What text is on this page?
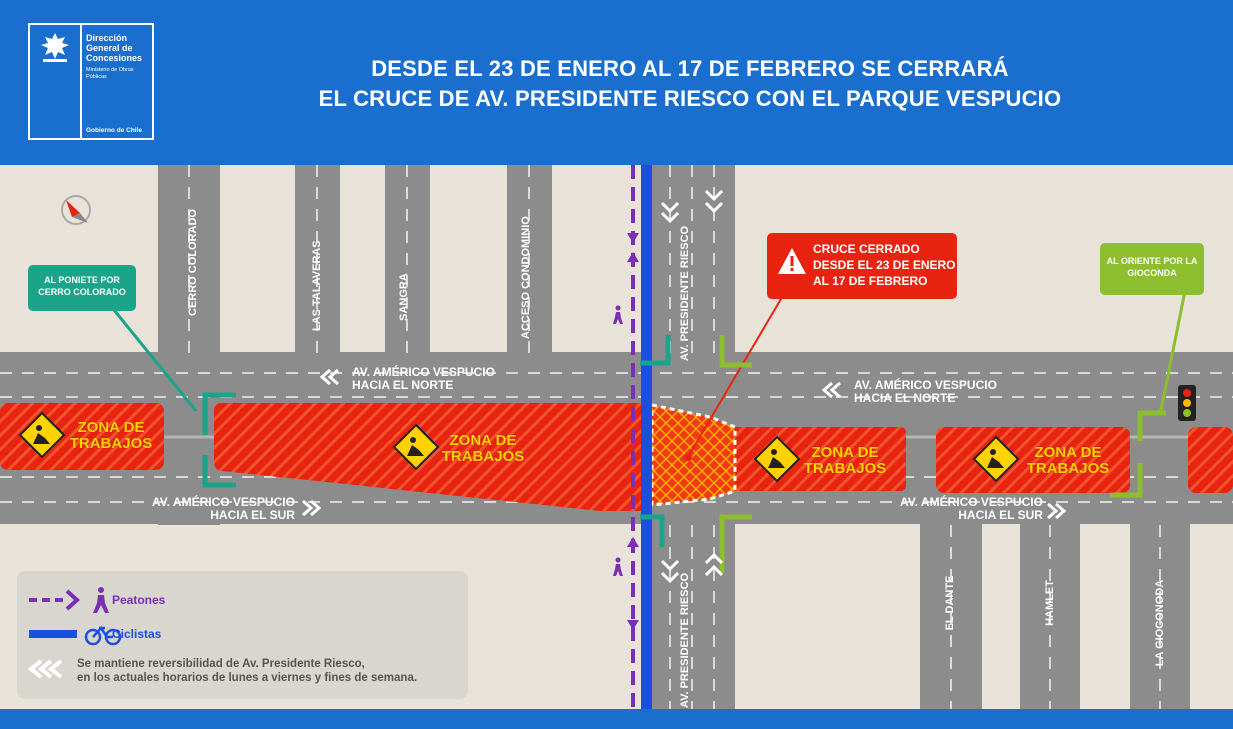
Dirección General de Concesiones
Ministerio de Obras Públicas
Gobierno de Chile
DESDE EL 23 DE ENERO AL 17 DE FEBRERO SE CERRARÁ
EL CRUCE DE AV. PRESIDENTE RIESCO CON EL PARQUE VESPUCIO
ZONA DE
TRABAJOS	ZONA DE
TRABAJOS	ZONA DE
TRABAJOS
ZONA DE
TRABAJOS
CERRO COLORADO	LAS TALAVERAS	SANGRA	ACCESO CONDOMINIO	AV. PRESIDENTE RIESCO
AV. PRESIDENTE RIESCO	EL DANTE	HAMLET	LA GIOCONODA
AV. AMÉRICO VESPUCIO
HACIA EL NORTE	AV. AMÉRICO VESPUCIO
HACIA EL NORTE
AV. AMÉRICO VESPUCIO
HACIA EL SUR
AV. AMÉRICO VESPUCIO
HACIA EL SUR
AL PONIETE POR CERRO COLORADO
CRUCE CERRADO
DESDE EL 23 DE ENERO
AL 17 DE FEBRERO
AL ORIENTE POR LA GIOCONDA
Peatones
Ciclistas
Se mantiene reversibilidad de Av. Presidente Riesco,
en los actuales horarios de lunes a viernes y fines de semana.
